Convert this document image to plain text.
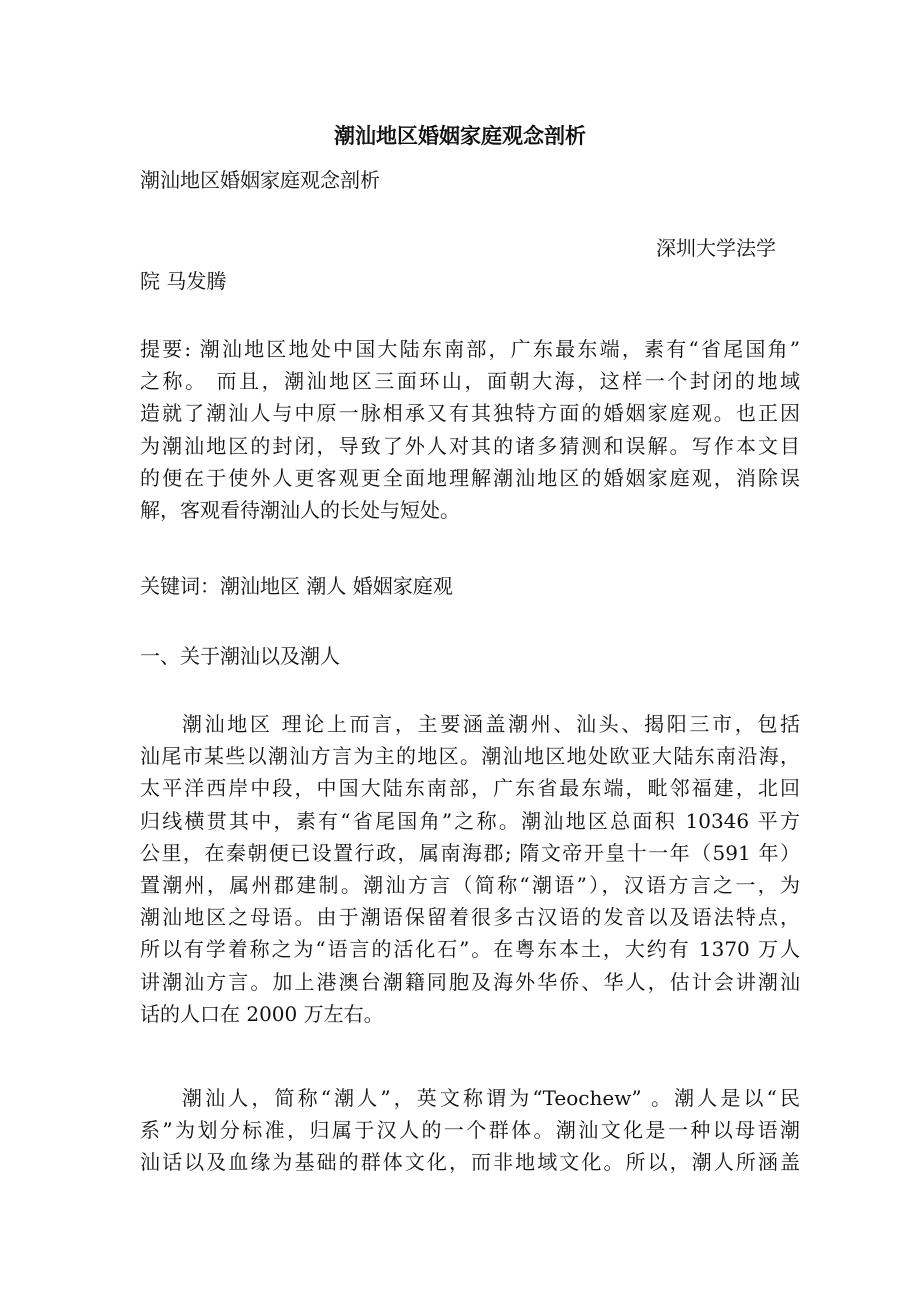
潮汕地区婚姻家庭观念剖析

潮汕地区婚姻家庭观念剖析

深圳大学法学

院 马发腾

提要: 潮汕地区地处中国大陆东南部，广东最东端，素有“省尾国角”
之称。 而且，潮汕地区三面环山，面朝大海，这样一个封闭的地域
造就了潮汕人与中原一脉相承又有其独特方面的婚姻家庭观。也正因
为潮汕地区的封闭，导致了外人对其的诸多猜测和误解。写作本文目
的便在于使外人更客观更全面地理解潮汕地区的婚姻家庭观，消除误
解，客观看待潮汕人的长处与短处。

关键词：潮汕地区 潮人 婚姻家庭观

一、关于潮汕以及潮人

潮汕地区 理论上而言，主要涵盖潮州、汕头、揭阳三市，包括
汕尾市某些以潮汕方言为主的地区。潮汕地区地处欧亚大陆东南沿海，
太平洋西岸中段，中国大陆东南部，广东省最东端，毗邻福建，北回
归线横贯其中，素有“省尾国角”之称。潮汕地区总面积 10346 平方
公里，在秦朝便已设置行政，属南海郡; 隋文帝开皇十一年（591 年）
置潮州，属州郡建制。潮汕方言（简称“潮语”），汉语方言之一，为
潮汕地区之母语。由于潮语保留着很多古汉语的发音以及语法特点，
所以有学着称之为“语言的活化石”。在粤东本土，大约有 1370 万人
讲潮汕方言。加上港澳台潮籍同胞及海外华侨、华人，估计会讲潮汕
话的人口在 2000 万左右。
潮汕人，简称“潮人”，英文称谓为“Teochew” 。潮人是以“民
系”为划分标准，归属于汉人的一个群体。潮汕文化是一种以母语潮
汕话以及血缘为基础的群体文化，而非地域文化。所以，潮人所涵盖
